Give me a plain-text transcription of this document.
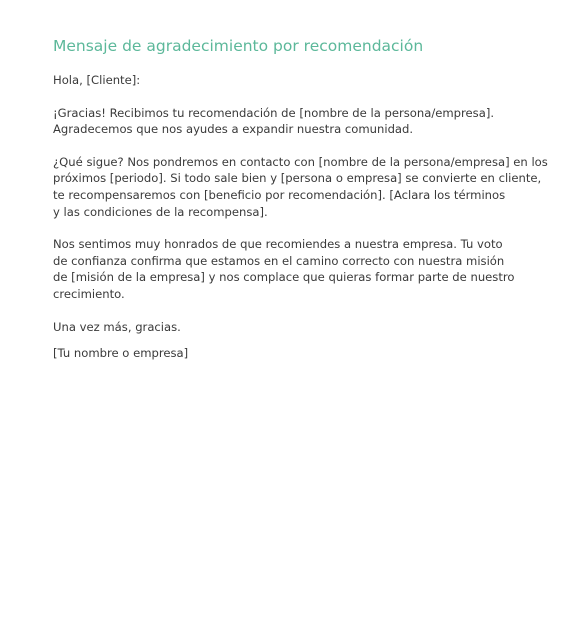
Mensaje de agradecimiento por recomendación

Hola, [Cliente]:

¡Gracias! Recibimos tu recomendación de [nombre de la persona/empresa].
Agradecemos que nos ayudes a expandir nuestra comunidad.

¿Qué sigue? Nos pondremos en contacto con [nombre de la persona/empresa] en los
próximos [periodo]. Si todo sale bien y [persona o empresa] se convierte en cliente,
te recompensaremos con [beneficio por recomendación]. [Aclara los términos
y las condiciones de la recompensa].

Nos sentimos muy honrados de que recomiendes a nuestra empresa. Tu voto
de confianza confirma que estamos en el camino correcto con nuestra misión
de [misión de la empresa] y nos complace que quieras formar parte de nuestro
crecimiento.

Una vez más, gracias.

[Tu nombre o empresa]
